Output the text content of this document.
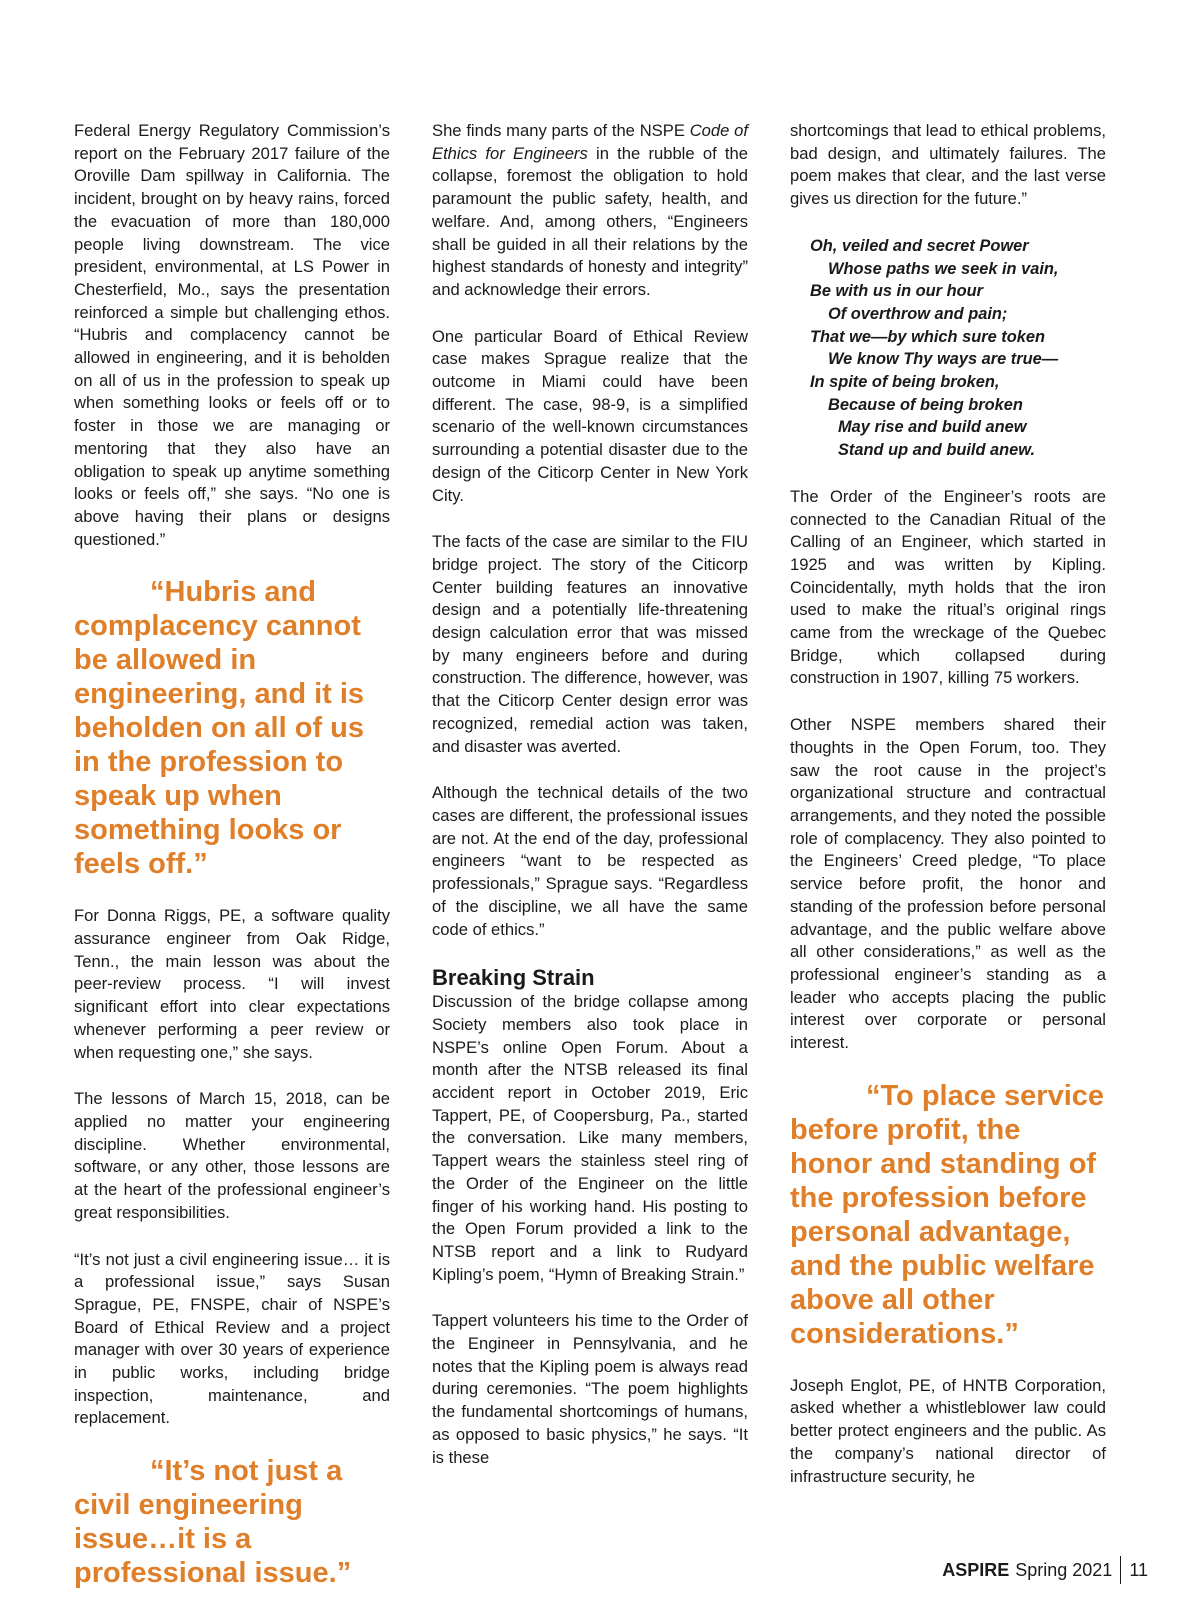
Federal Energy Regulatory Commission’s report on the February 2017 failure of the Oroville Dam spillway in California. The incident, brought on by heavy rains, forced the evacuation of more than 180,000 people living downstream. The vice president, environmental, at LS Power in Chesterfield, Mo., says the presentation reinforced a simple but challenging ethos. “Hubris and complacency cannot be allowed in engineering, and it is beholden on all of us in the profession to speak up when something looks or feels off or to foster in those we are managing or mentoring that they also have an obligation to speak up anytime something looks or feels off,” she says. “No one is above having their plans or designs questioned.”

“Hubris and complacency cannot be allowed in engineering, and it is beholden on all of us in the profession to speak up when something looks or feels off.”

For Donna Riggs, PE, a software quality assurance engineer from Oak Ridge, Tenn., the main lesson was about the peer-review process. “I will invest significant effort into clear expectations whenever performing a peer review or when requesting one,” she says.

The lessons of March 15, 2018, can be applied no matter your engineering discipline. Whether environmental, software, or any other, those lessons are at the heart of the professional engineer’s great responsibilities.

“It’s not just a civil engineering issue… it is a professional issue,” says Susan Sprague, PE, FNSPE, chair of NSPE’s Board of Ethical Review and a project manager with over 30 years of experience in public works, including bridge inspection, maintenance, and replacement.

“It’s not just a civil engineering issue…it is a professional issue.”

She finds many parts of the NSPE Code of Ethics for Engineers in the rubble of the collapse, foremost the obligation to hold paramount the public safety, health, and welfare. And, among others, “Engineers shall be guided in all their relations by the highest standards of honesty and integrity” and acknowledge their errors.

One particular Board of Ethical Review case makes Sprague realize that the outcome in Miami could have been different. The case, 98-9, is a simplified scenario of the well-known circumstances surrounding a potential disaster due to the design of the Citicorp Center in New York City.

The facts of the case are similar to the FIU bridge project. The story of the Citicorp Center building features an innovative design and a potentially life-threatening design calculation error that was missed by many engineers before and during construction. The difference, however, was that the Citicorp Center design error was recognized, remedial action was taken, and disaster was averted.

Although the technical details of the two cases are different, the professional issues are not. At the end of the day, professional engineers “want to be respected as professionals,” Sprague says. “Regardless of the discipline, we all have the same code of ethics.”

Breaking Strain

Discussion of the bridge collapse among Society members also took place in NSPE’s online Open Forum. About a month after the NTSB released its final accident report in October 2019, Eric Tappert, PE, of Coopersburg, Pa., started the conversation. Like many members, Tappert wears the stainless steel ring of the Order of the Engineer on the little finger of his working hand. His posting to the Open Forum provided a link to the NTSB report and a link to Rudyard Kipling’s poem, “Hymn of Breaking Strain.”

Tappert volunteers his time to the Order of the Engineer in Pennsylvania, and he notes that the Kipling poem is always read during ceremonies. “The poem highlights the fundamental shortcomings of humans, as opposed to basic physics,” he says. “It is these

shortcomings that lead to ethical problems, bad design, and ultimately failures. The poem makes that clear, and the last verse gives us direction for the future.”

Oh, veiled and secret Power
Whose paths we seek in vain,
Be with us in our hour
Of overthrow and pain;
That we—by which sure token
We know Thy ways are true—
In spite of being broken,
Because of being broken
May rise and build anew
Stand up and build anew.

The Order of the Engineer’s roots are connected to the Canadian Ritual of the Calling of an Engineer, which started in 1925 and was written by Kipling. Coincidentally, myth holds that the iron used to make the ritual’s original rings came from the wreckage of the Quebec Bridge, which collapsed during construction in 1907, killing 75 workers.

Other NSPE members shared their thoughts in the Open Forum, too. They saw the root cause in the project’s organizational structure and contractual arrangements, and they noted the possible role of complacency. They also pointed to the Engineers’ Creed pledge, “To place service before profit, the honor and standing of the profession before personal advantage, and the public welfare above all other considerations,” as well as the professional engineer’s standing as a leader who accepts placing the public interest over corporate or personal interest.

“To place service before profit, the honor and standing of the profession before personal advantage, and the public welfare above all other considerations.”

Joseph Englot, PE, of HNTB Corporation, asked whether a whistleblower law could better protect engineers and the public. As the company’s national director of infrastructure security, he

ASPIRE Spring 2021 11
